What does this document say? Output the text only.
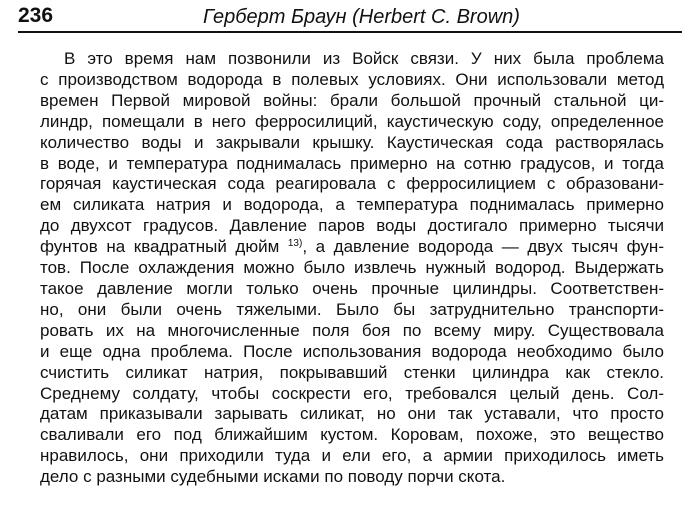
236	Герберт Браун (Herbert C. Brown)
В это время нам позвонили из Войск связи. У них была проблема
с производством водорода в полевых условиях. Они использовали метод
времен Первой мировой войны: брали большой прочный стальной ци-
линдр, помещали в него ферросилиций, каустическую соду, определенное
количество воды и закрывали крышку. Каустическая сода растворялась
в воде, и температура поднималась примерно на сотню градусов, и тогда
горячая каустическая сода реагировала с ферросилицием с образовани-
ем силиката натрия и водорода, а температура поднималась примерно
до двухсот градусов. Давление паров воды достигало примерно тысячи
фунтов на квадратный дюйм $^{13)}$, а давление водорода — двух тысяч фун-
тов. После охлаждения можно было извлечь нужный водород. Выдержать
такое давление могли только очень прочные цилиндры. Соответствен-
но, они были очень тяжелыми. Было бы затруднительно транспорти-
ровать их на многочисленные поля боя по всему миру. Существовала
и еще одна проблема. После использования водорода необходимо было
счистить силикат натрия, покрывавший стенки цилиндра как стекло.
Среднему солдату, чтобы соскрести его, требовался целый день. Сол-
датам приказывали зарывать силикат, но они так уставали, что просто
сваливали его под ближайшим кустом. Коровам, похоже, это вещество
нравилось, они приходили туда и ели его, а армии приходилось иметь
дело с разными судебными исками по поводу порчи скота.
